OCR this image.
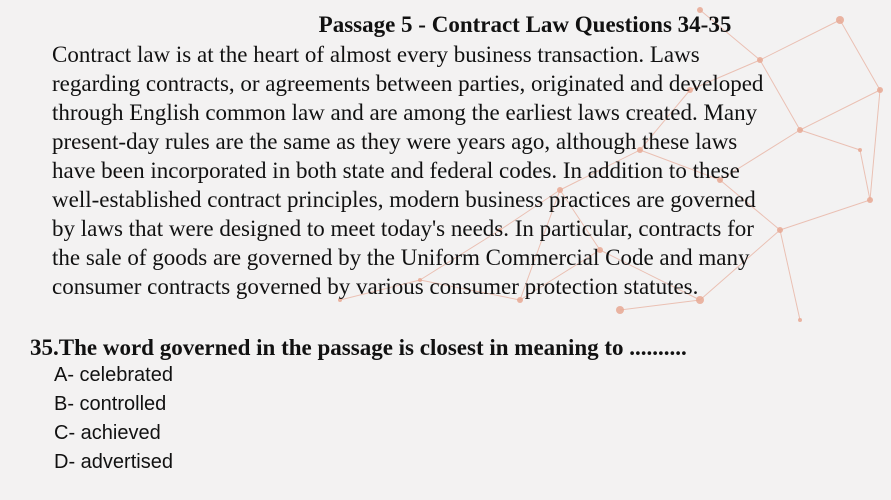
Passage 5 - Contract Law Questions 34-35
Contract law is at the heart of almost every business transaction. Laws
regarding contracts, or agreements between parties, originated and developed
through English common law and are among the earliest laws created. Many
present-day rules are the same as they were years ago, although these laws
have been incorporated in both state and federal codes. In addition to these
well-established contract principles, modern business practices are governed
by laws that were designed to meet today's needs. In particular, contracts for
the sale of goods are governed by the Uniform Commercial Code and many
consumer contracts governed by various consumer protection statutes.
35.The word governed in the passage is closest in meaning to ..........
A- celebrated
B- controlled
C- achieved
D- advertised
